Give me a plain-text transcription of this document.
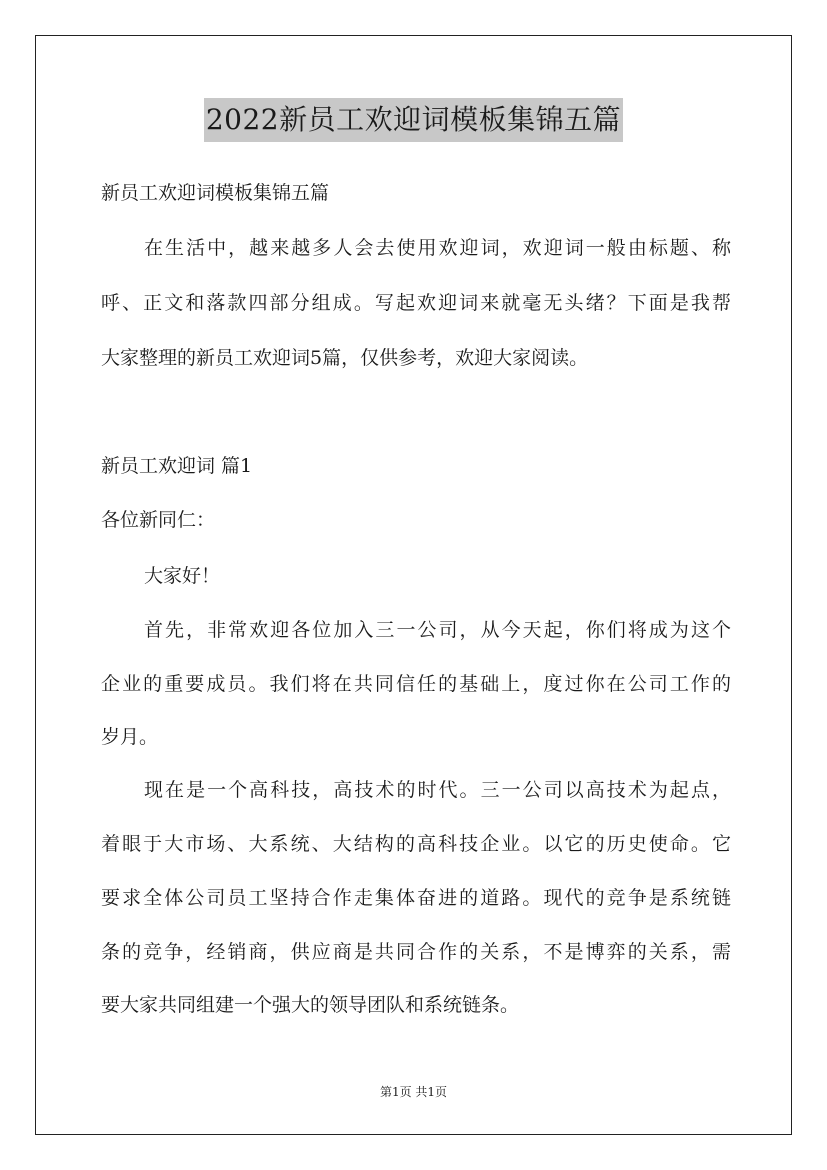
2022新员工欢迎词模板集锦五篇
新员工欢迎词模板集锦五篇
在生活中，越来越多人会去使用欢迎词，欢迎词一般由标题、称
呼、正文和落款四部分组成。写起欢迎词来就毫无头绪？下面是我帮
大家整理的新员工欢迎词5篇，仅供参考，欢迎大家阅读。
新员工欢迎词 篇1
各位新同仁：
大家好！
首先，非常欢迎各位加入三一公司，从今天起，你们将成为这个
企业的重要成员。我们将在共同信任的基础上，度过你在公司工作的
岁月。
现在是一个高科技，高技术的时代。三一公司以高技术为起点，
着眼于大市场、大系统、大结构的高科技企业。以它的历史使命。它
要求全体公司员工坚持合作走集体奋进的道路。现代的竞争是系统链
条的竞争，经销商，供应商是共同合作的关系，不是博弈的关系，需
要大家共同组建一个强大的领导团队和系统链条。
第1页 共1页
